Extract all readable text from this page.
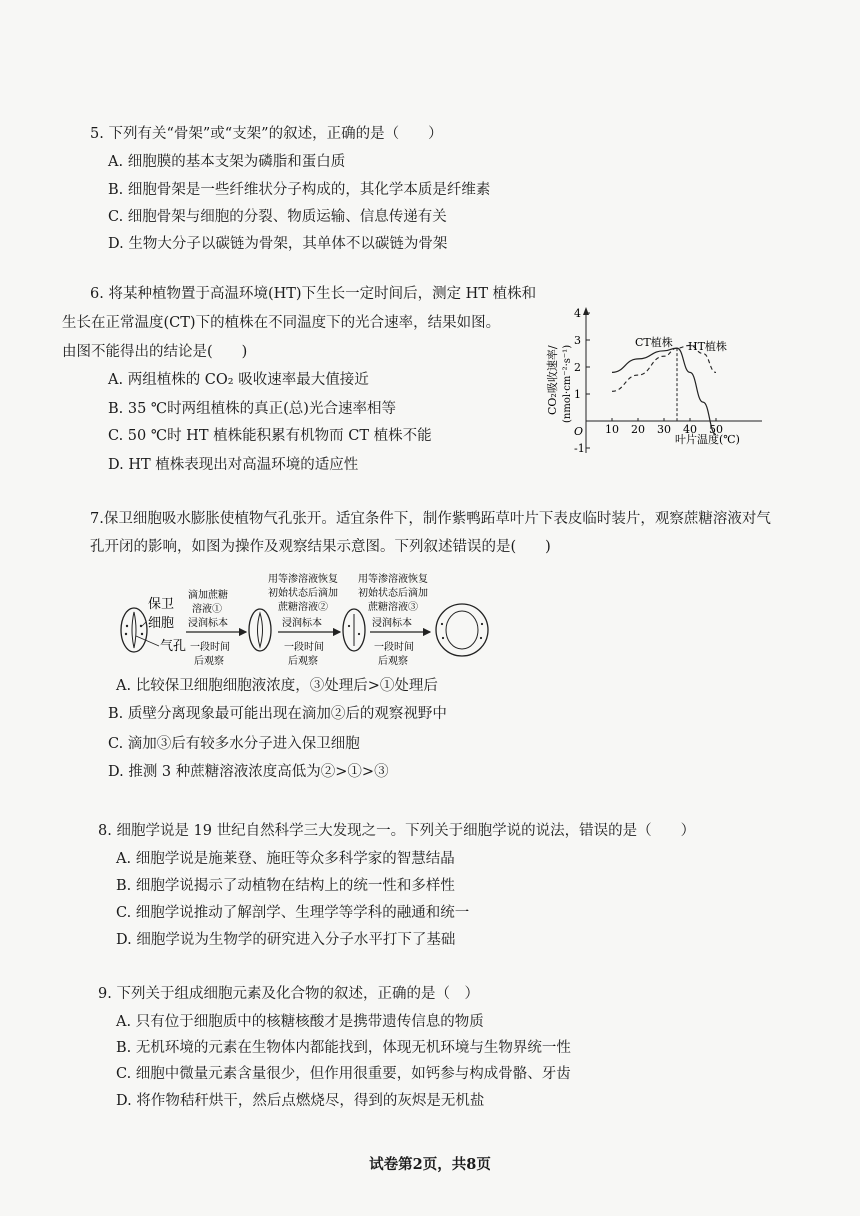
5. 下列有关“骨架”或“支架”的叙述，正确的是（　　）
A. 细胞膜的基本支架为磷脂和蛋白质
B. 细胞骨架是一些纤维状分子构成的，其化学本质是纤维素
C. 细胞骨架与细胞的分裂、物质运输、信息传递有关
D. 生物大分子以碳链为骨架，其单体不以碳链为骨架
6. 将某种植物置于高温环境(HT)下生长一定时间后，测定 HT 植株和
生长在正常温度(CT)下的植株在不同温度下的光合速率，结果如图。
由图不能得出的结论是(　　)
A. 两组植株的 CO₂ 吸收速率最大值接近
B. 35 ℃时两组植株的真正(总)光合速率相等
C. 50 ℃时 HT 植株能积累有机物而 CT 植株不能
D. HT 植株表现出对高温环境的适应性
CO₂吸收速率/ (nmol·cm⁻²·s⁻¹)
4
3
2
1
-1
10 20 30 40 50
O
叶片温度(℃)
CT植株 HT植株
7.保卫细胞吸水膨胀使植物气孔张开。适宜条件下，制作紫鸭跖草叶片下表皮临时装片，观察蔗糖溶液对气
孔开闭的影响，如图为操作及观察结果示意图。下列叙述错误的是(　　)
保卫
细胞
气孔
滴加蔗糖
溶液①
浸润标本
一段时间
后观察
用等渗溶液恢复
初始状态后滴加
蔗糖溶液②
浸润标本
一段时间
后观察
用等渗溶液恢复
初始状态后滴加
蔗糖溶液③
浸润标本
一段时间
后观察
A. 比较保卫细胞细胞液浓度，③处理后>①处理后
B. 质壁分离现象最可能出现在滴加②后的观察视野中
C. 滴加③后有较多水分子进入保卫细胞
D. 推测 3 种蔗糖溶液浓度高低为②>①>③
8. 细胞学说是 19 世纪自然科学三大发现之一。下列关于细胞学说的说法，错误的是（　　）
A. 细胞学说是施莱登、施旺等众多科学家的智慧结晶
B. 细胞学说揭示了动植物在结构上的统一性和多样性
C. 细胞学说推动了解剖学、生理学等学科的融通和统一
D. 细胞学说为生物学的研究进入分子水平打下了基础
9. 下列关于组成细胞元素及化合物的叙述，正确的是（　）
A. 只有位于细胞质中的核糖核酸才是携带遗传信息的物质
B. 无机环境的元素在生物体内都能找到，体现无机环境与生物界统一性
C. 细胞中微量元素含量很少，但作用很重要，如钙参与构成骨骼、牙齿
D. 将作物秸秆烘干，然后点燃烧尽，得到的灰烬是无机盐
试卷第2页，共8页
